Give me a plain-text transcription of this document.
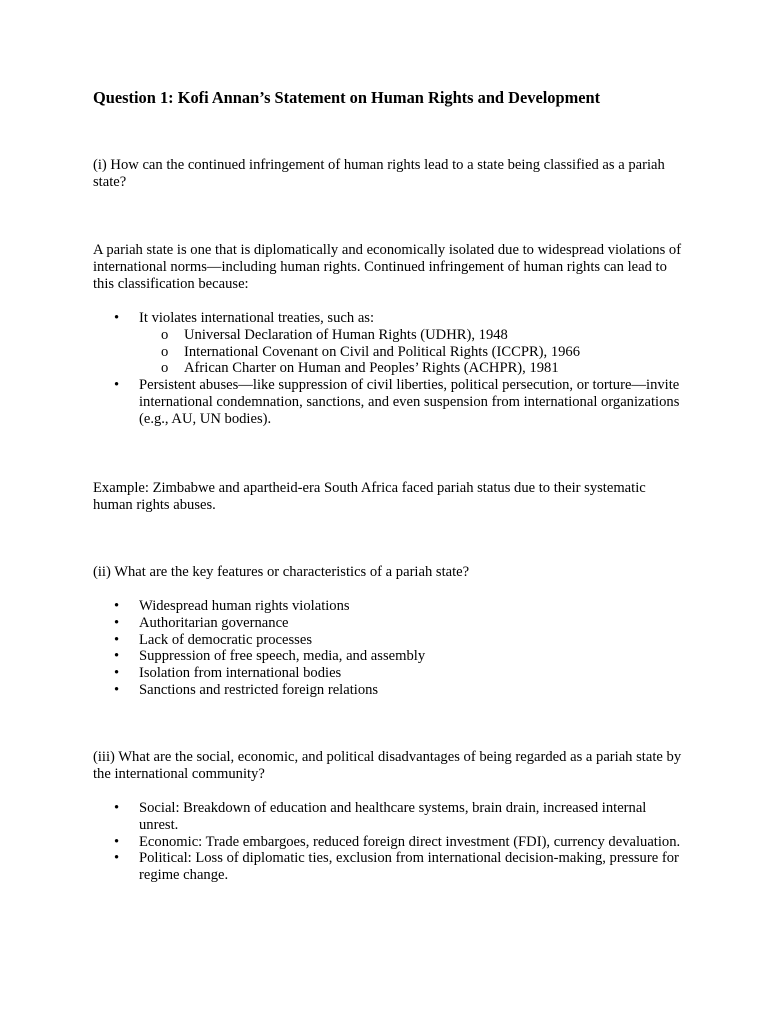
Question 1: Kofi Annan’s Statement on Human Rights and Development

(i) How can the continued infringement of human rights lead to a state being classified as a pariah state?

A pariah state is one that is diplomatically and economically isolated due to widespread violations of international norms—including human rights. Continued infringement of human rights can lead to this classification because:

• It violates international treaties, such as:
o Universal Declaration of Human Rights (UDHR), 1948
o International Covenant on Civil and Political Rights (ICCPR), 1966
o African Charter on Human and Peoples’ Rights (ACHPR), 1981
• Persistent abuses—like suppression of civil liberties, political persecution, or torture—invite international condemnation, sanctions, and even suspension from international organizations (e.g., AU, UN bodies).

Example: Zimbabwe and apartheid-era South Africa faced pariah status due to their systematic human rights abuses.

(ii) What are the key features or characteristics of a pariah state?

• Widespread human rights violations
• Authoritarian governance
• Lack of democratic processes
• Suppression of free speech, media, and assembly
• Isolation from international bodies
• Sanctions and restricted foreign relations

(iii) What are the social, economic, and political disadvantages of being regarded as a pariah state by the international community?

• Social: Breakdown of education and healthcare systems, brain drain, increased internal unrest.
• Economic: Trade embargoes, reduced foreign direct investment (FDI), currency devaluation.
• Political: Loss of diplomatic ties, exclusion from international decision-making, pressure for regime change.
